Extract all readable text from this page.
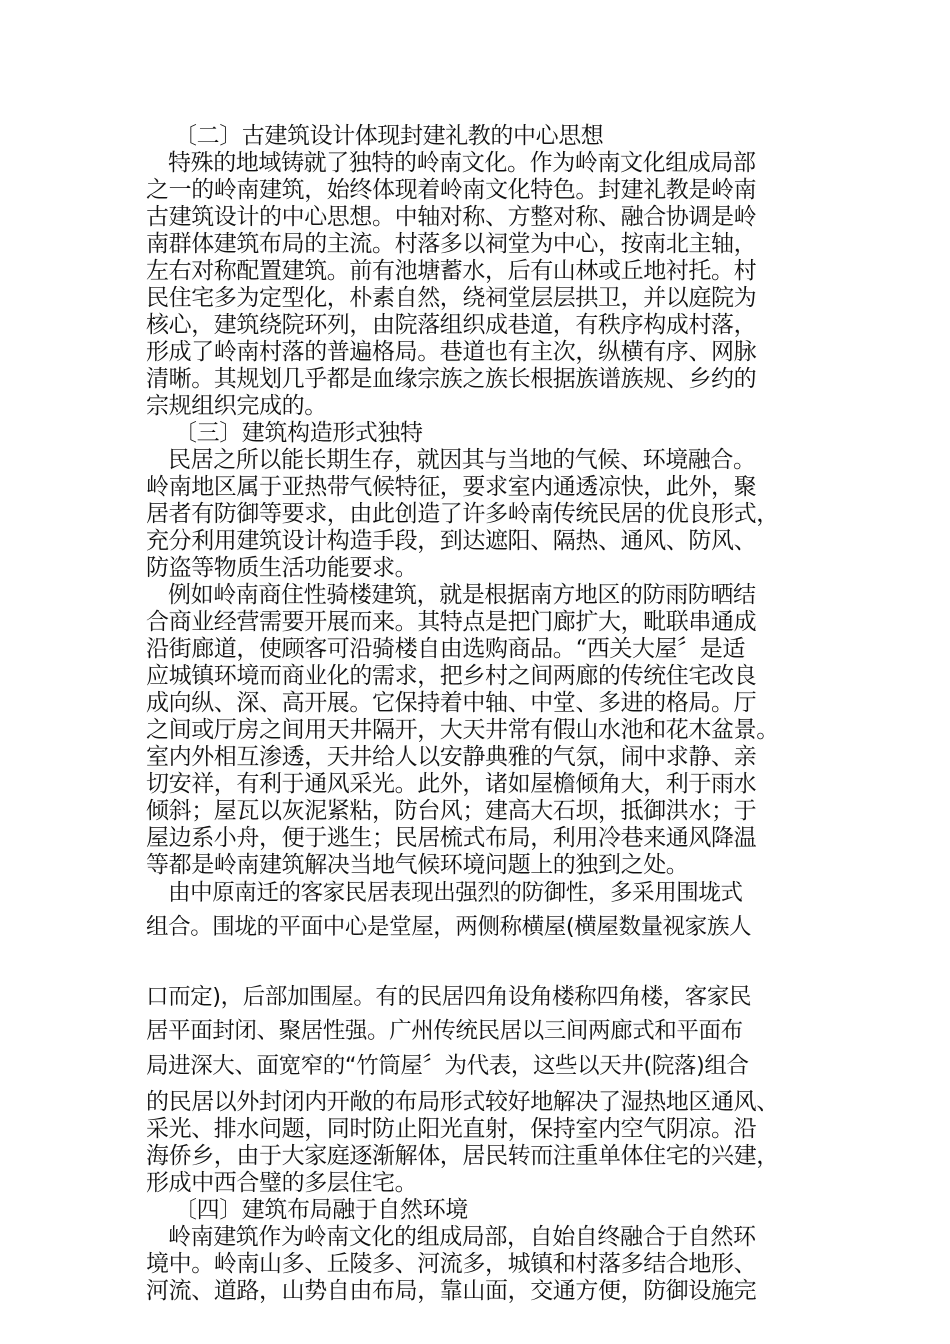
〔二〕古建筑设计体现封建礼教的中心思想
特殊的地域铸就了独特的岭南文化。作为岭南文化组成局部
之一的岭南建筑，始终体现着岭南文化特色。封建礼教是岭南
古建筑设计的中心思想。中轴对称、方整对称、融合协调是岭
南群体建筑布局的主流。村落多以祠堂为中心，按南北主轴，
左右对称配置建筑。前有池塘蓄水，后有山林或丘地衬托。村
民住宅多为定型化，朴素自然，绕祠堂层层拱卫，并以庭院为
核心，建筑绕院环列，由院落组织成巷道，有秩序构成村落，
形成了岭南村落的普遍格局。巷道也有主次，纵横有序、网脉
清晰。其规划几乎都是血缘宗族之族长根据族谱族规、乡约的
宗规组织完成的。
〔三〕建筑构造形式独特
民居之所以能长期生存，就因其与当地的气候、环境融合。
岭南地区属于亚热带气候特征，要求室内通透凉快，此外，聚
居者有防御等要求，由此创造了许多岭南传统民居的优良形式，
充分利用建筑设计构造手段，到达遮阳、隔热、通风、防风、
防盗等物质生活功能要求。
例如岭南商住性骑楼建筑，就是根据南方地区的防雨防晒结
合商业经营需要开展而来。其特点是把门廊扩大，毗联串通成
沿街廊道，使顾客可沿骑楼自由选购商品。“西关大屋〞是适
应城镇环境而商业化的需求，把乡村之间两廊的传统住宅改良
成向纵、深、高开展。它保持着中轴、中堂、多进的格局。厅
之间或厅房之间用天井隔开，大天井常有假山水池和花木盆景。
室内外相互渗透，天井给人以安静典雅的气氛，闹中求静、亲
切安祥，有利于通风采光。此外，诸如屋檐倾角大，利于雨水
倾斜；屋瓦以灰泥紧粘，防台风；建高大石坝，抵御洪水；于
屋边系小舟，便于逃生；民居梳式布局，利用冷巷来通风降温
等都是岭南建筑解决当地气候环境问题上的独到之处。
由中原南迁的客家民居表现出强烈的防御性，多采用围垅式
组合。围垅的平面中心是堂屋，两侧称横屋(横屋数量视家族人
口而定)，后部加围屋。有的民居四角设角楼称四角楼，客家民
居平面封闭、聚居性强。广州传统民居以三间两廊式和平面布
局进深大、面宽窄的“竹筒屋〞为代表，这些以天井(院落)组合
的民居以外封闭内开敞的布局形式较好地解决了湿热地区通风、
采光、排水问题，同时防止阳光直射，保持室内空气阴凉。沿
海侨乡，由于大家庭逐渐解体，居民转而注重单体住宅的兴建，
形成中西合璧的多层住宅。
〔四〕建筑布局融于自然环境
岭南建筑作为岭南文化的组成局部，自始自终融合于自然环
境中。岭南山多、丘陵多、河流多，城镇和村落多结合地形、
河流、道路，山势自由布局，靠山面，交通方便，防御设施完
